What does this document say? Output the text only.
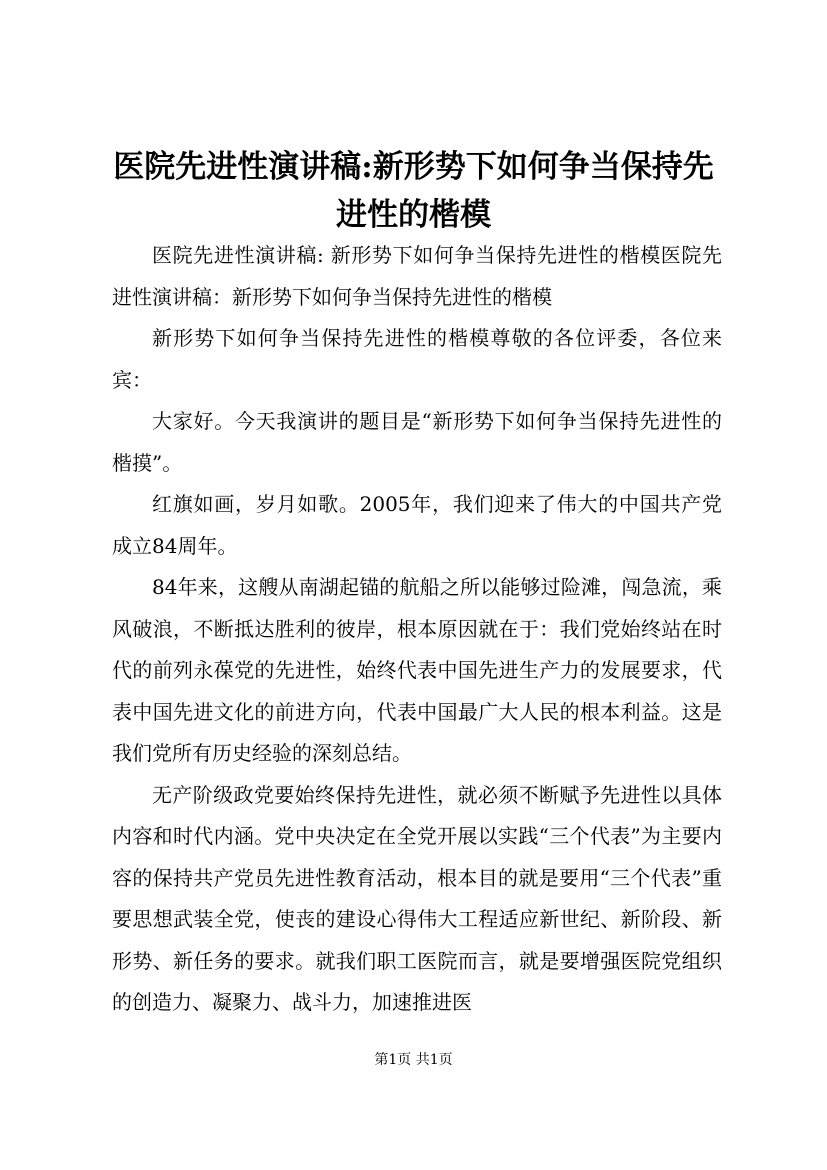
医院先进性演讲稿:新形势下如何争当保持先进性的楷模

医院先进性演讲稿: 新形势下如何争当保持先进性的楷模医院先进性演讲稿：新形势下如何争当保持先进性的楷模

新形势下如何争当保持先进性的楷模尊敬的各位评委，各位来宾：

大家好。今天我演讲的题目是“新形势下如何争当保持先进性的楷摸”。

红旗如画，岁月如歌。2005年，我们迎来了伟大的中国共产党成立84周年。

84年来，这艘从南湖起锚的航船之所以能够过险滩，闯急流，乘风破浪，不断抵达胜利的彼岸，根本原因就在于：我们党始终站在时代的前列永葆党的先进性，始终代表中国先进生产力的发展要求，代表中国先进文化的前进方向，代表中国最广大人民的根本利益。这是我们党所有历史经验的深刻总结。

无产阶级政党要始终保持先进性，就必须不断赋予先进性以具体内容和时代内涵。党中央决定在全党开展以实践“三个代表”为主要内容的保持共产党员先进性教育活动，根本目的就是要用“三个代表”重要思想武装全党，使丧的建设心得伟大工程适应新世纪、新阶段、新形势、新任务的要求。就我们职工医院而言，就是要增强医院党组织的创造力、凝聚力、战斗力，加速推进医

第1页 共1页
